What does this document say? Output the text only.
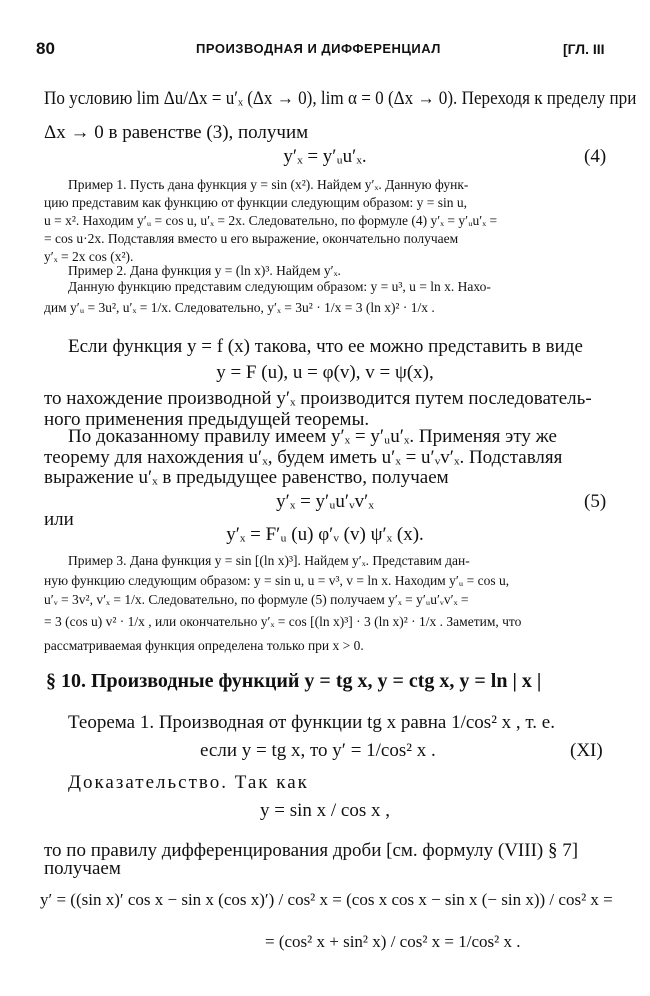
80	ПРОИЗВОДНАЯ И ДИФФЕРЕНЦИАЛ	[ГЛ. III
По условию lim Δu/Δx = u′ₓ (Δx → 0), lim α = 0 (Δx → 0). Переходя к пределу при
Δx → 0 в равенстве (3), получим
y′ₓ = y′ᵤu′ₓ.	(4)
Пример 1. Пусть дана функция y = sin (x²). Найдем y′ₓ. Данную функ-
цию представим как функцию от функции следующим образом: y = sin u,
u = x². Находим y′ᵤ = cos u, u′ₓ = 2x. Следовательно, по формуле (4) y′ₓ = y′ᵤu′ₓ =
= cos u·2x. Подставляя вместо u его выражение, окончательно получаем
y′ₓ = 2x cos (x²).
Пример 2. Дана функция y = (ln x)³. Найдем y′ₓ.
Данную функцию представим следующим образом: y = u³, u = ln x. Нахо-
дим y′ᵤ = 3u², u′ₓ = 1/x. Следовательно, y′ₓ = 3u² · 1/x = 3 (ln x)² · 1/x .
Если функция y = f (x) такова, что ее можно представить в виде
y = F (u), u = φ(v), v = ψ(x),
то нахождение производной y′ₓ производится путем последователь-
ного применения предыдущей теоремы.
По доказанному правилу имеем y′ₓ = y′ᵤu′ₓ. Применяя эту же
теорему для нахождения u′ₓ, будем иметь u′ₓ = u′ᵥv′ₓ. Подставляя
выражение u′ₓ в предыдущее равенство, получаем
y′ₓ = y′ᵤu′ᵥv′ₓ	(5)
или
y′ₓ = F′ᵤ (u) φ′ᵥ (v) ψ′ₓ (x).
Пример 3. Дана функция y = sin [(ln x)³]. Найдем y′ₓ. Представим дан-
ную функцию следующим образом: y = sin u, u = v³, v = ln x. Находим y′ᵤ = cos u,
u′ᵥ = 3v², v′ₓ = 1/x. Следовательно, по формуле (5) получаем y′ₓ = y′ᵤu′ᵥv′ₓ =
= 3 (cos u) v² · 1/x , или окончательно y′ₓ = cos [(ln x)³] · 3 (ln x)² · 1/x . Заметим, что
рассматриваемая функция определена только при x > 0.
§ 10. Производные функций y = tg x, y = ctg x, y = ln | x |
Теорема 1. Производная от функции tg x равна 1/cos² x , т. е.
если y = tg x, то y′ = 1/cos² x .	(XI)
Доказательство. Так как
y = sin x / cos x ,
то по правилу дифференцирования дроби [см. формулу (VIII) § 7]
получаем
y′ = ((sin x)′ cos x − sin x (cos x)′) / cos² x = (cos x cos x − sin x (− sin x)) / cos² x =
= (cos² x + sin² x) / cos² x = 1/cos² x .
